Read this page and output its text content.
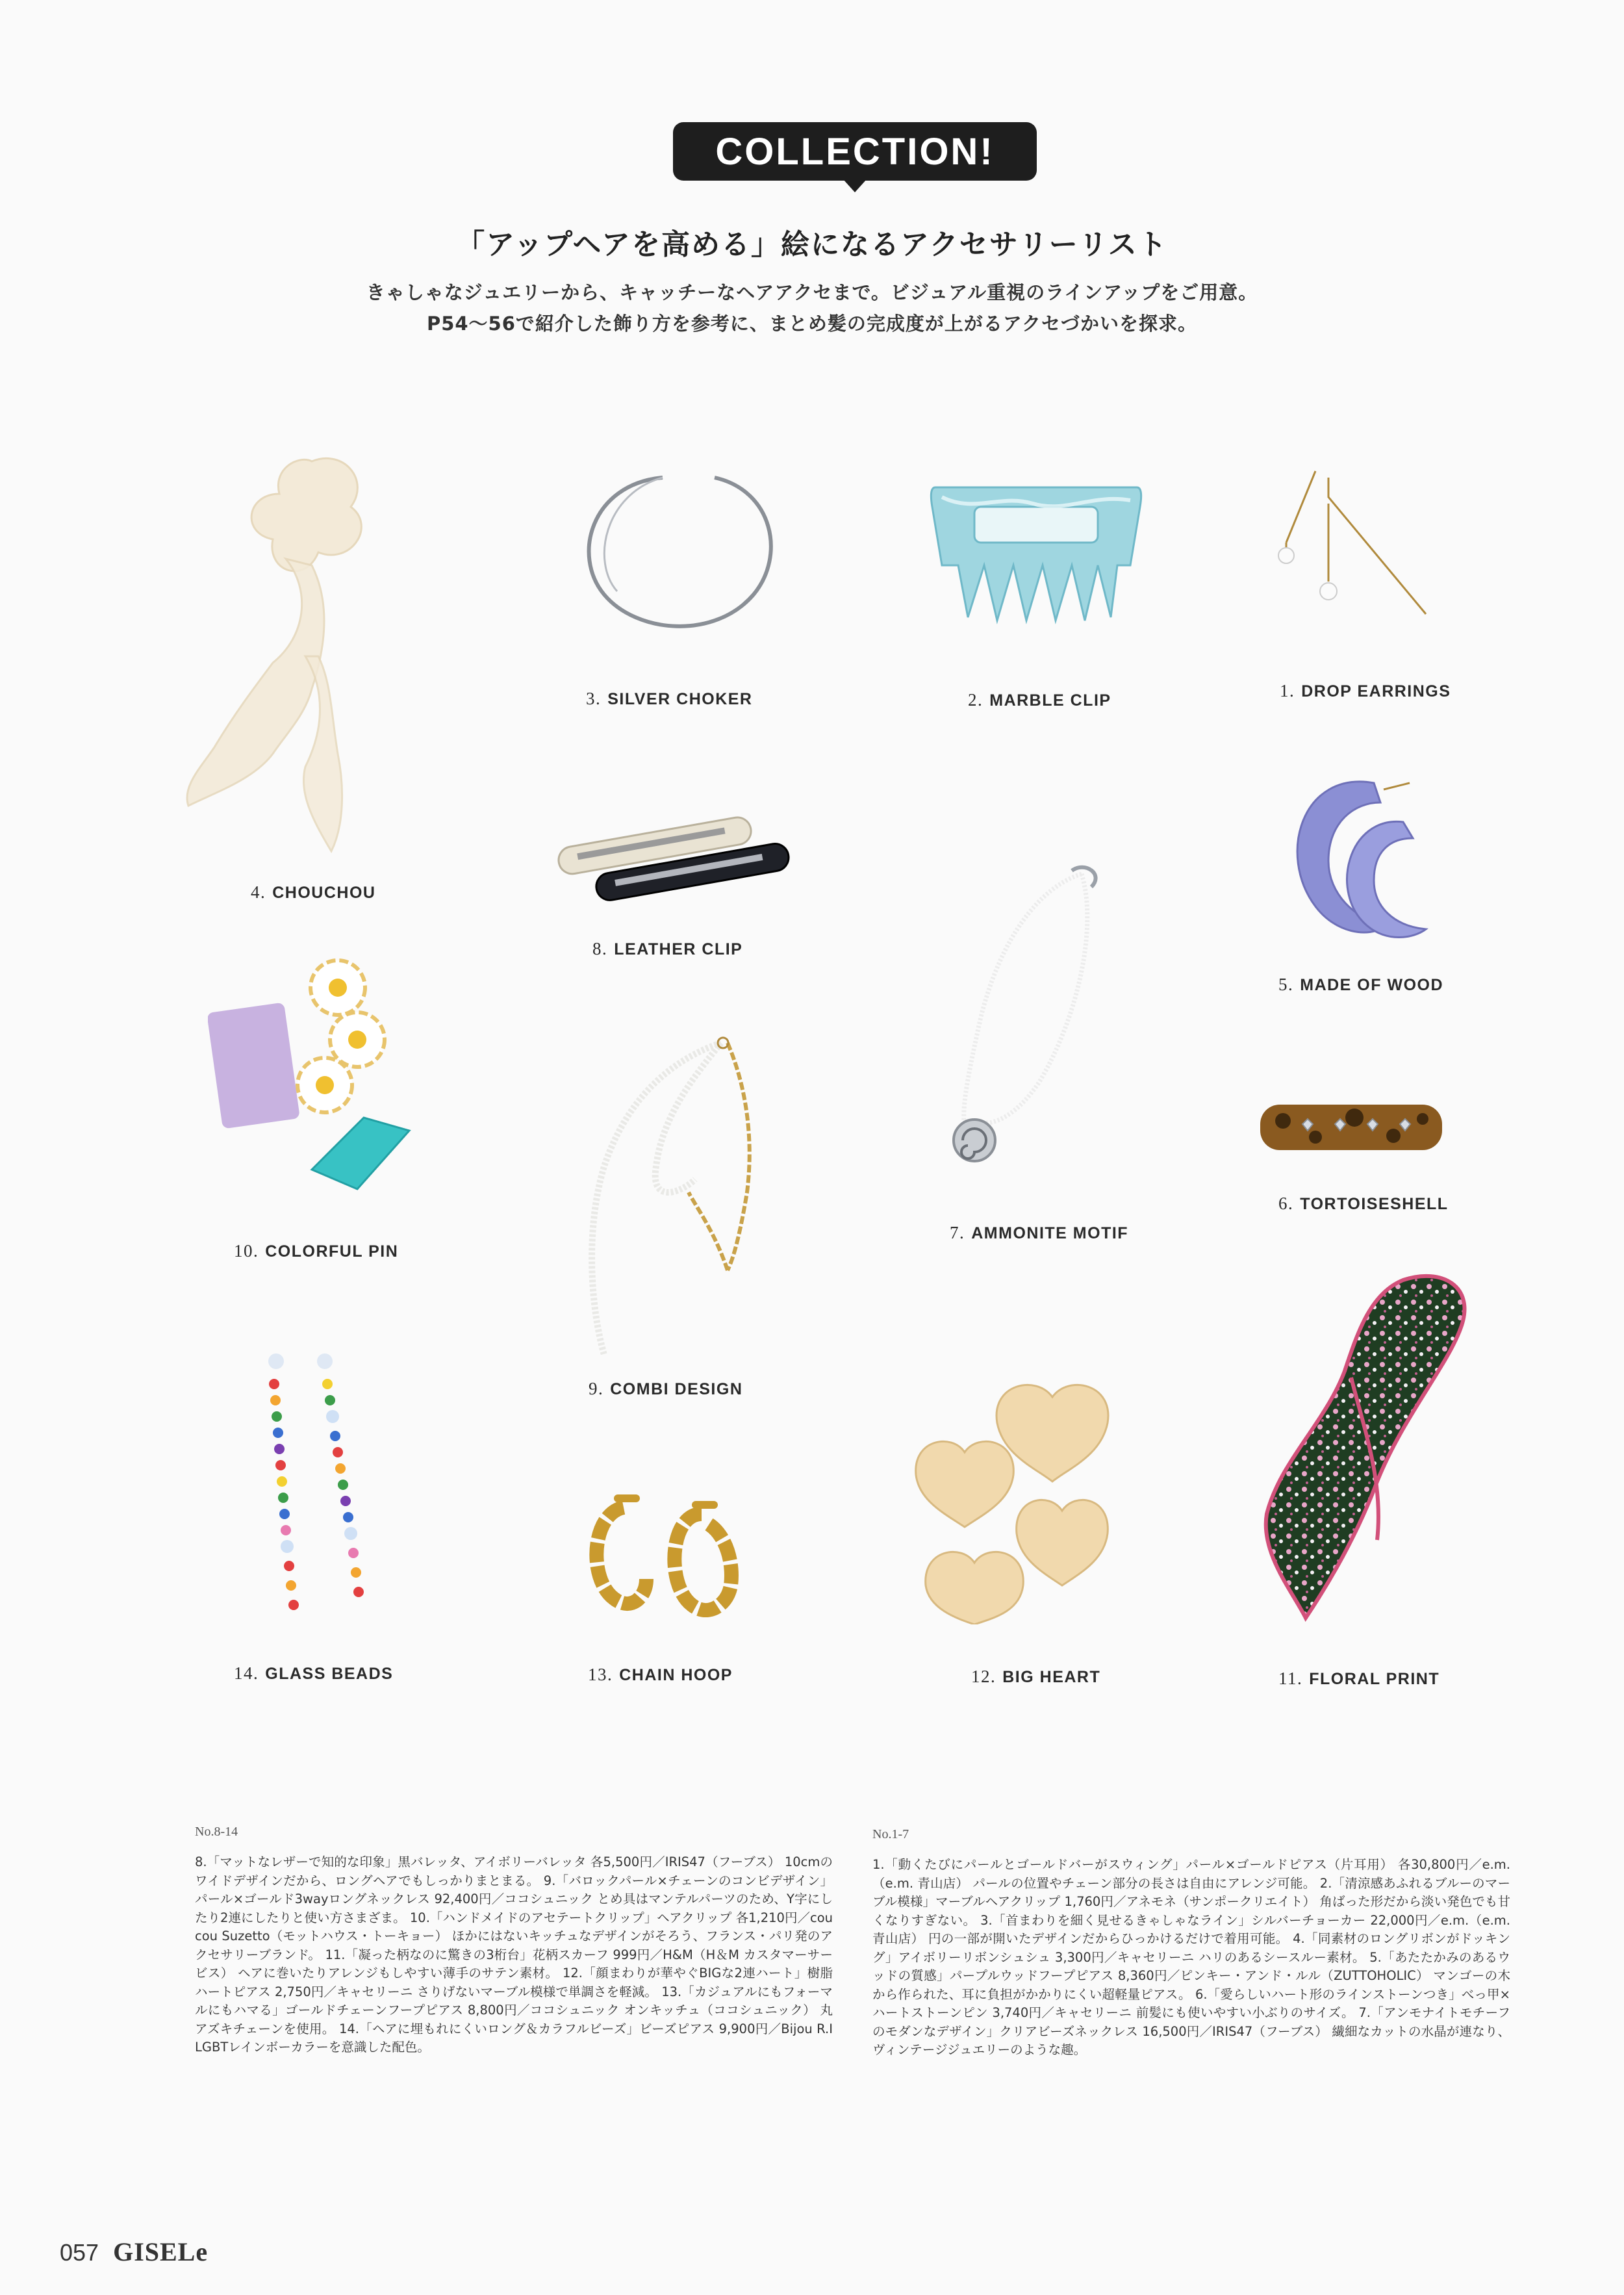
COLLECTION!
「アップヘアを高める」絵になるアクセサリーリスト
きゃしゃなジュエリーから、キャッチーなヘアアクセまで。ビジュアル重視のラインアップをご用意。
P54〜56で紹介した飾り方を参考に、まとめ髪の完成度が上がるアクセづかいを探求。
1. DROP EARRINGS
2. MARBLE CLIP
3. SILVER CHOKER
4. CHOUCHOU
5. MADE OF WOOD
6. TORTOISESHELL
7. AMMONITE MOTIF
8. LEATHER CLIP
9. COMBI DESIGN
10. COLORFUL PIN
11. FLORAL PRINT
12. BIG HEART
13. CHAIN HOOP
14. GLASS BEADS
No.8-14
8.「マットなレザーで知的な印象」黒バレッタ、アイボリーバレッタ 各5,500円／IRIS47（フーブス） 10cmのワイドデザインだから、ロングヘアでもしっかりまとまる。 9.「バロックパール×チェーンのコンビデザイン」パール×ゴールド3wayロングネックレス 92,400円／ココシュニック とめ具はマンテルパーツのため、Y字にしたり2連にしたりと使い方さまざま。 10.「ハンドメイドのアセテートクリップ」ヘアクリップ 各1,210円／coucou Suzetto（モットハウス・トーキョー） ほかにはないキッチュなデザインがそろう、フランス・パリ発のアクセサリーブランド。 11.「凝った柄なのに驚きの3桁台」花柄スカーフ 999円／H&M（H＆M カスタマーサービス） ヘアに巻いたりアレンジもしやすい薄手のサテン素材。 12.「顔まわりが華やぐBIGな2連ハート」樹脂ハートピアス 2,750円／キャセリーニ さりげないマーブル模様で単調さを軽減。 13.「カジュアルにもフォーマルにもハマる」ゴールドチェーンフープピアス 8,800円／ココシュニック オンキッチュ（ココシュニック） 丸アズキチェーンを使用。 14.「ヘアに埋もれにくいロング＆カラフルビーズ」ビーズピアス 9,900円／Bijou R.I LGBTレインボーカラーを意識した配色。
No.1-7
1.「動くたびにパールとゴールドバーがスウィング」パール×ゴールドピアス（片耳用） 各30,800円／e.m.（e.m. 青山店） パールの位置やチェーン部分の長さは自由にアレンジ可能。 2.「清涼感あふれるブルーのマーブル模様」マーブルヘアクリップ 1,760円／アネモネ（サンポークリエイト） 角ばった形だから淡い発色でも甘くなりすぎない。 3.「首まわりを細く見せるきゃしゃなライン」シルバーチョーカー 22,000円／e.m.（e.m. 青山店） 円の一部が開いたデザインだからひっかけるだけで着用可能。 4.「同素材のロングリボンがドッキング」アイボリーリボンシュシュ 3,300円／キャセリーニ ハリのあるシースルー素材。 5.「あたたかみのあるウッドの質感」パープルウッドフープピアス 8,360円／ピンキー・アンド・ルル（ZUTTOHOLIC） マンゴーの木から作られた、耳に負担がかかりにくい超軽量ピアス。 6.「愛らしいハート形のラインストーンつき」べっ甲×ハートストーンピン 3,740円／キャセリーニ 前髪にも使いやすい小ぶりのサイズ。 7.「アンモナイトモチーフのモダンなデザイン」クリアビーズネックレス 16,500円／IRIS47（フーブス） 繊細なカットの水晶が連なり、ヴィンテージジュエリーのような趣。
057 GISELe
